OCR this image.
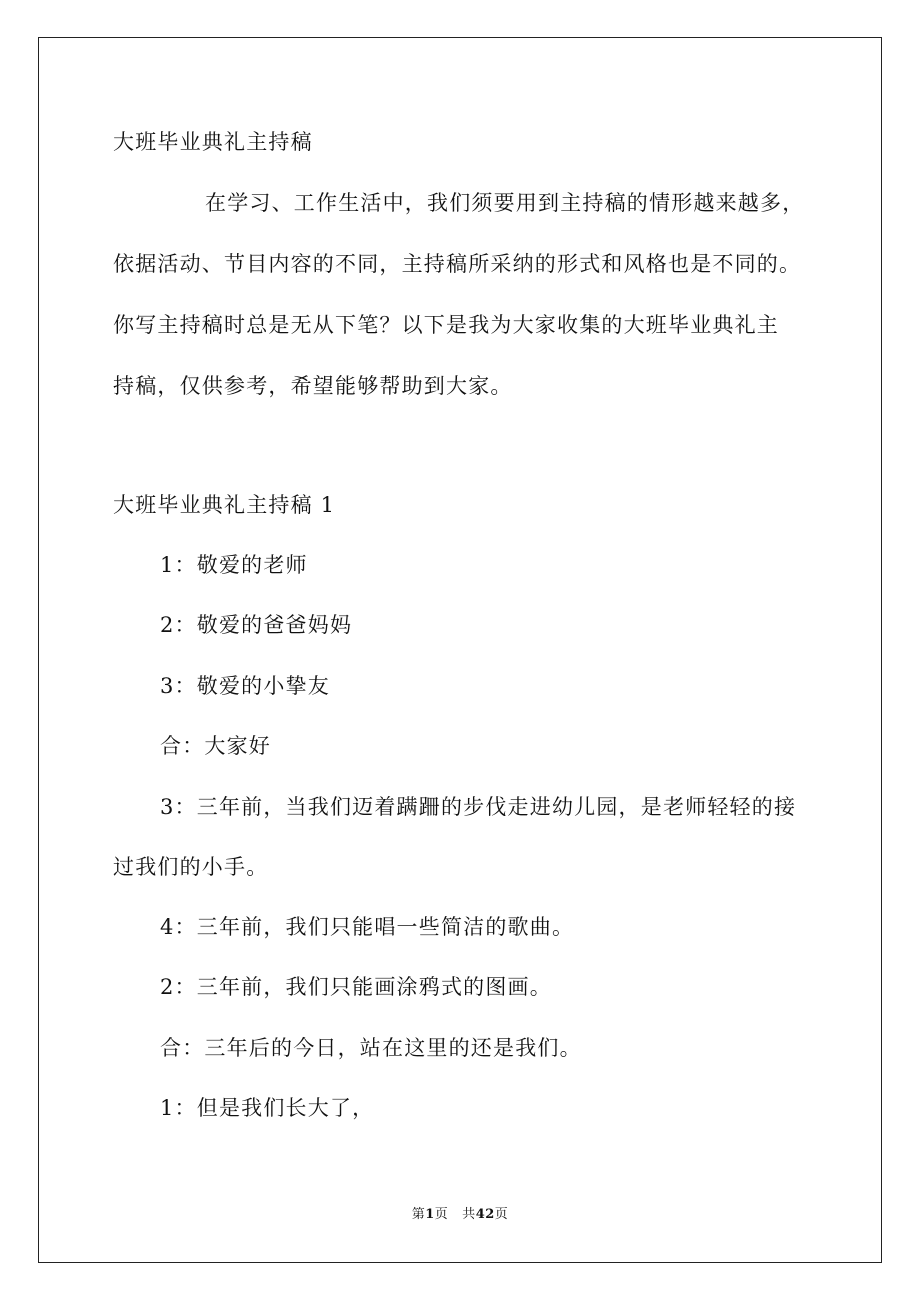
大班毕业典礼主持稿
在学习、工作生活中，我们须要用到主持稿的情形越来越多，
依据活动、节目内容的不同，主持稿所采纳的形式和风格也是不同的。
你写主持稿时总是无从下笔？以下是我为大家收集的大班毕业典礼主
持稿，仅供参考，希望能够帮助到大家。
大班毕业典礼主持稿 1
1：敬爱的老师
2：敬爱的爸爸妈妈
3：敬爱的小挚友
合：大家好
3：三年前，当我们迈着蹒跚的步伐走进幼儿园，是老师轻轻的接
过我们的小手。
4：三年前，我们只能唱一些简洁的歌曲。
2：三年前，我们只能画涂鸦式的图画。
合：三年后的今日，站在这里的还是我们。
1：但是我们长大了，
第1页 共42页
